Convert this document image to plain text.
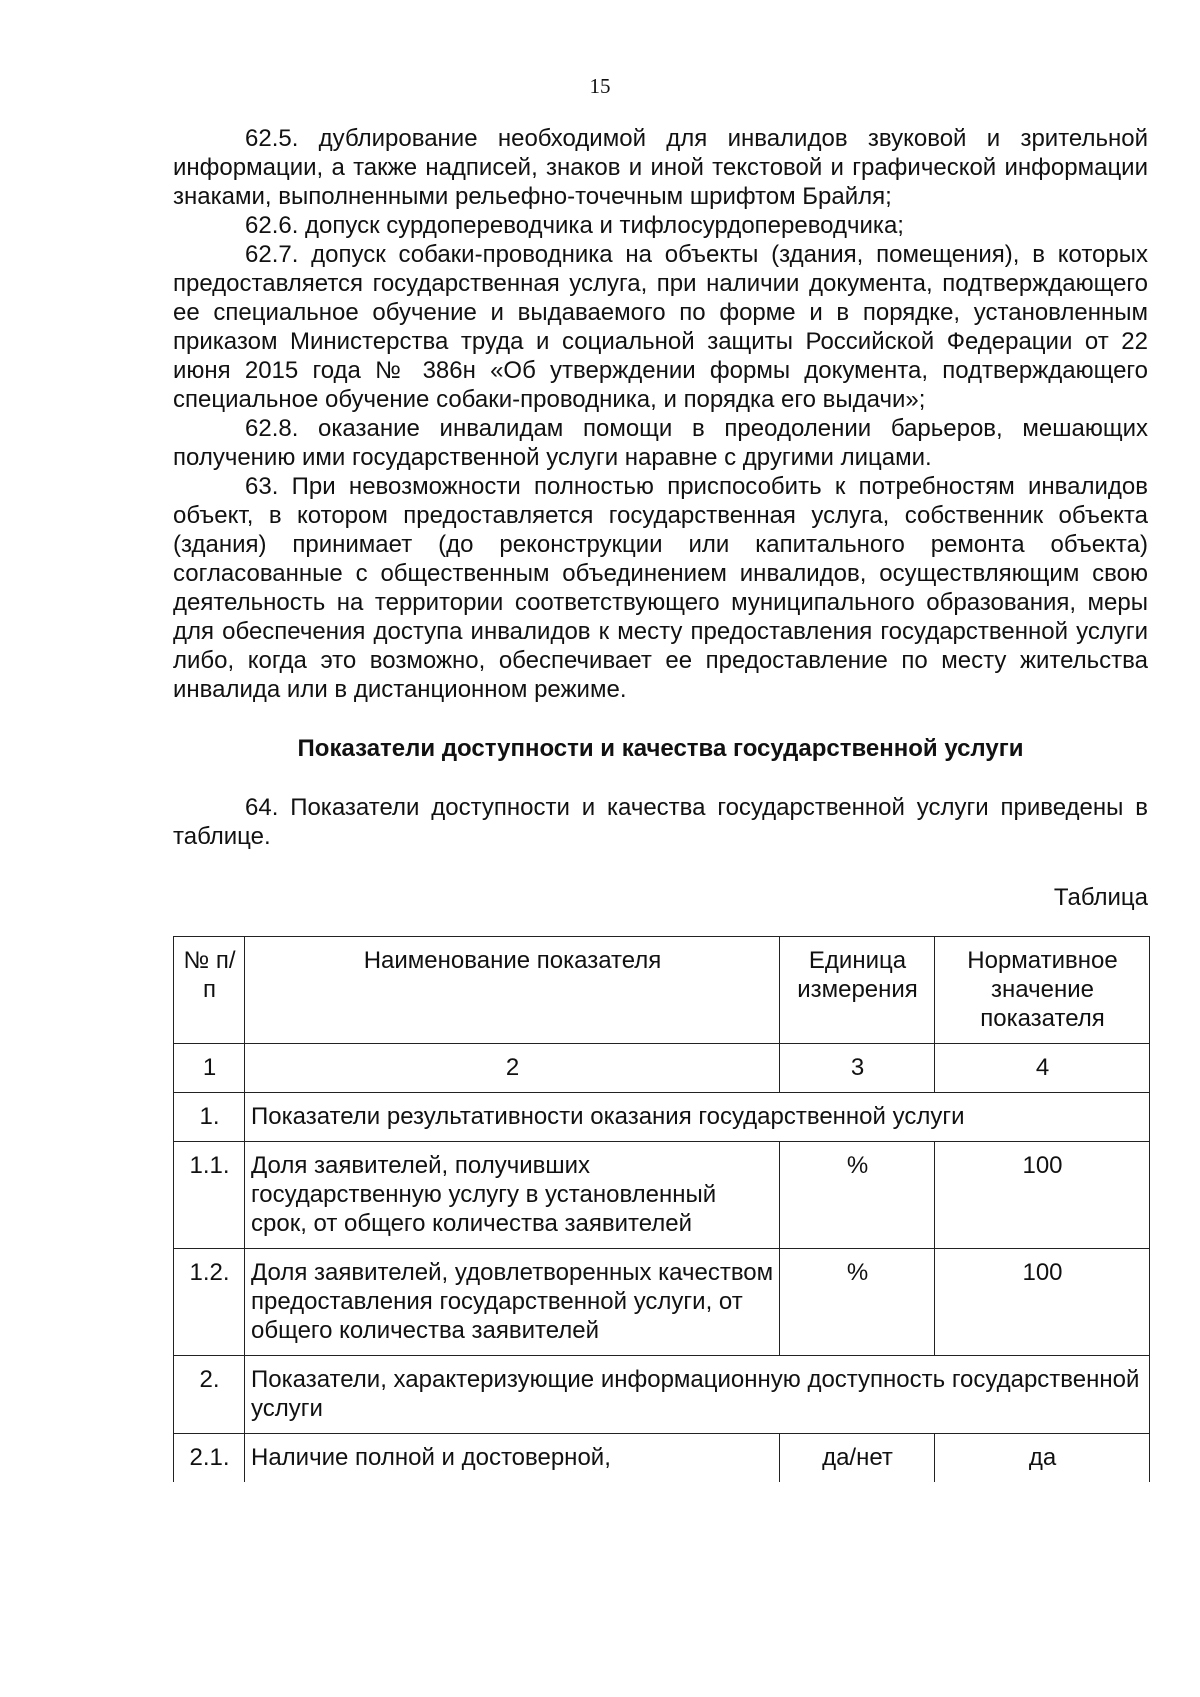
15

62.5. дублирование необходимой для инвалидов звуковой и зрительной информации, а также надписей, знаков и иной текстовой и графической информации знаками, выполненными рельефно-точечным шрифтом Брайля;

62.6. допуск сурдопереводчика и тифлосурдопереводчика;

62.7. допуск собаки-проводника на объекты (здания, помещения), в которых предоставляется государственная услуга, при наличии документа, подтверждающего ее специальное обучение и выдаваемого по форме и в порядке, установленным приказом Министерства труда и социальной защиты Российской Федерации от 22 июня 2015 года № 386н «Об утверждении формы документа, подтверждающего специальное обучение собаки-проводника, и порядка его выдачи»;

62.8. оказание инвалидам помощи в преодолении барьеров, мешающих получению ими государственной услуги наравне с другими лицами.

63. При невозможности полностью приспособить к потребностям инвалидов объект, в котором предоставляется государственная услуга, собственник объекта (здания) принимает (до реконструкции или капитального ремонта объекта) согласованные с общественным объединением инвалидов, осуществляющим свою деятельность на территории соответствующего муниципального образования, меры для обеспечения доступа инвалидов к месту предоставления государственной услуги либо, когда это возможно, обеспечивает ее предоставление по месту жительства инвалида или в дистанционном режиме.

Показатели доступности и качества государственной услуги

64. Показатели доступности и качества государственной услуги приведены в таблице.

Таблица
№ п/п	Наименование показателя	Единица измерения	Нормативное значение показателя
1	2	3	4
1.	Показатели результативности оказания государственной услуги		
1.1.	Доля заявителей, получивших государственную услугу в установленный срок, от общего количества заявителей	%	100
1.2.	Доля заявителей, удовлетворенных качеством предоставления государственной услуги, от общего количества заявителей	%	100
2.	Показатели, характеризующие информационную доступность государственной услуги		
2.1.	Наличие полной и достоверной,	да/нет	да
